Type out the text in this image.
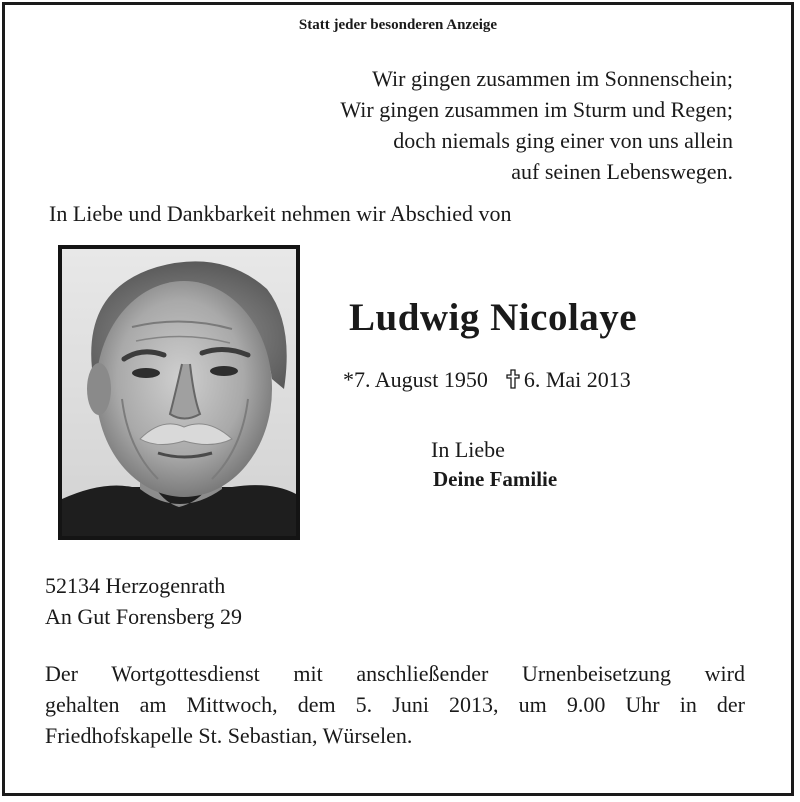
Statt jeder besonderen Anzeige
Wir gingen zusammen im Sonnenschein;
Wir gingen zusammen im Sturm und Regen;
doch niemals ging einer von uns allein
auf seinen Lebenswegen.
In Liebe und Dankbarkeit nehmen wir Abschied von
Ludwig Nicolaye
*7. August 1950 6. Mai 2013
In Liebe
Deine Familie
52134 Herzogenrath
An Gut Forensberg 29
Der Wortgottesdienst mit anschließender Urnenbeisetzung wird
gehalten am Mittwoch, dem 5. Juni 2013, um 9.00 Uhr in der
Friedhofskapelle St. Sebastian, Würselen.
